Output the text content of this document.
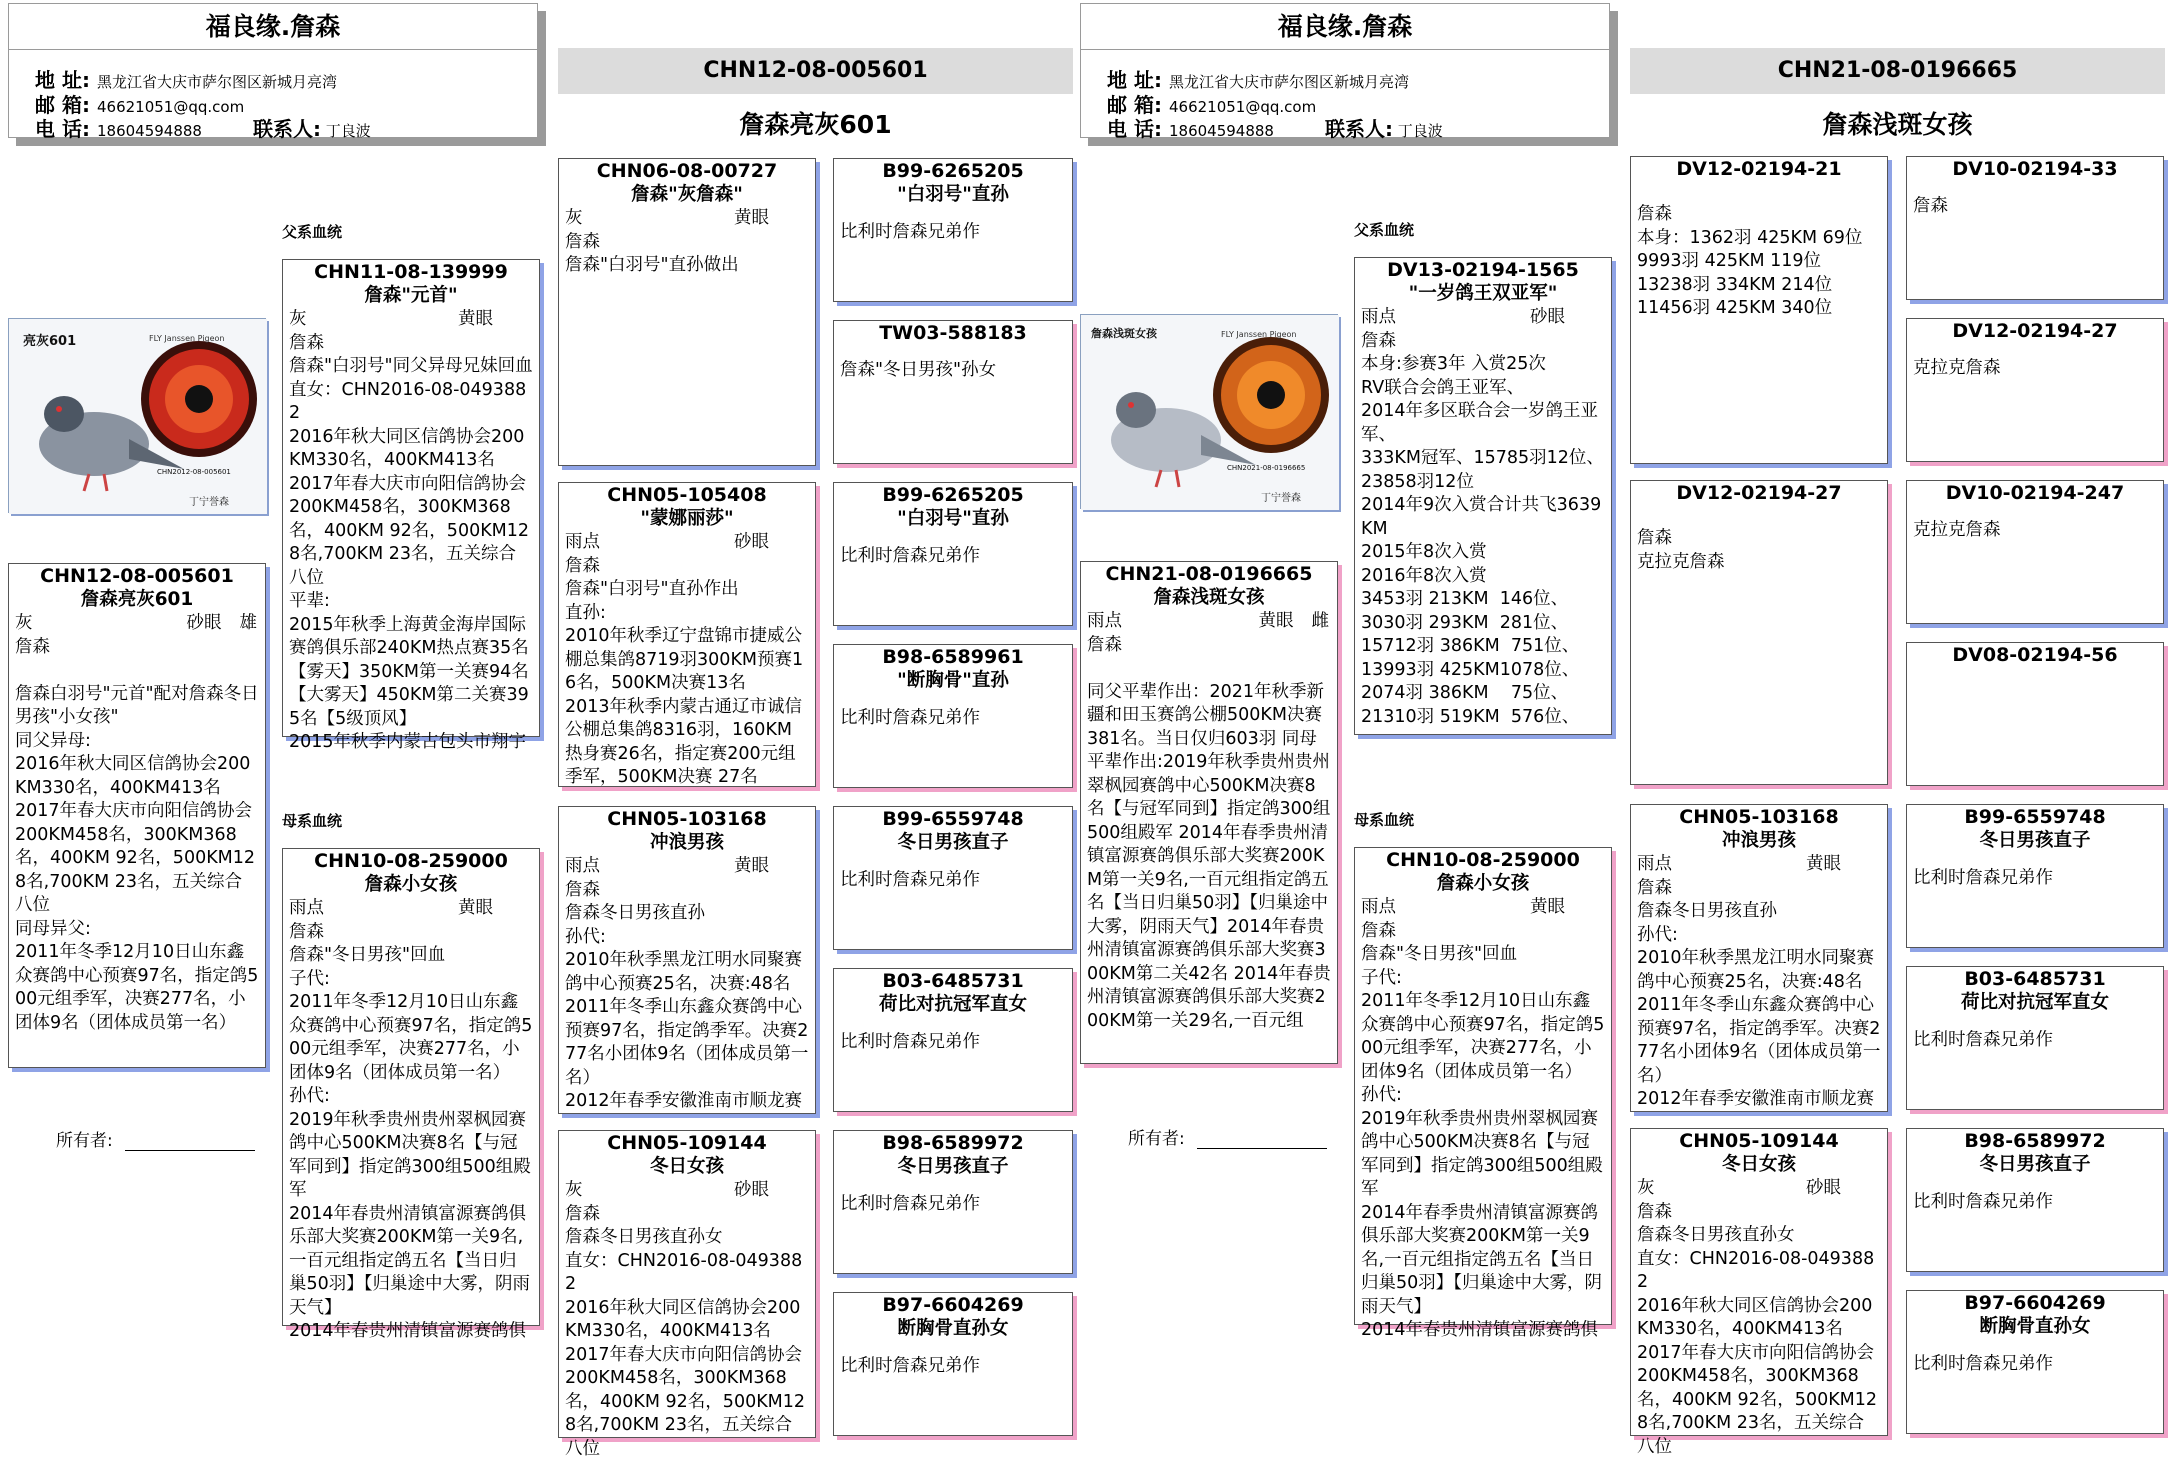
福良缘.詹森
地 址: 黑龙江省大庆市萨尔图区新城月亮湾
邮 箱: 46621051@qq.com
电 话: 18604594888	联系人: 丁良波
CHN12-08-005601
詹森亮灰601
父系血统
母系血统
亮灰601	FLY Janssen Pigeon
CHN2012-08-005601
丁宁誉森
CHN12-08-005601
詹森亮灰601
灰	砂眼 雄
詹森

詹森白羽号"元首"配对詹森冬日男孩"小女孩"
同父异母:
2016年秋大同区信鸽协会200KM330名，400KM413名
2017年春大庆市向阳信鸽协会200KM458名，300KM368名，400KM 92名，500KM128名,700KM 23名，五关综合八位
同母异父:
2011年冬季12月10日山东鑫众赛鸽中心预赛97名，指定鸽500元组季军，决赛277名，小团体9名（团体成员第一名）
所有者:
CHN11-08-139999
詹森"元首"
灰	黄眼
詹森
詹森"白羽号"同父异母兄妹回血
直女：CHN2016-08-0493882
2016年秋大同区信鸽协会200KM330名，400KM413名
2017年春大庆市向阳信鸽协会200KM458名，300KM368名，400KM 92名，500KM128名,700KM 23名，五关综合八位
平辈:
2015年秋季上海黄金海岸国际赛鸽俱乐部240KM热点赛35名【雾天】350KM第一关赛94名【大雾天】450KM第二关赛395名【5级顶风】
2015年秋季内蒙古包头市翔宇
CHN10-08-259000
詹森小女孩
雨点	黄眼
詹森
詹森"冬日男孩"回血
子代:
2011年冬季12月10日山东鑫众赛鸽中心预赛97名，指定鸽500元组季军，决赛277名，小团体9名（团体成员第一名）
孙代:
2019年秋季贵州贵州翠枫园赛鸽中心500KM决赛8名【与冠军同到】指定鸽300组500组殿军
2014年春贵州清镇富源赛鸽俱乐部大奖赛200KM第一关9名,一百元组指定鸽五名【当日归巢50羽】【归巢途中大雾，阴雨天气】
2014年春贵州清镇富源赛鸽俱
CHN06-08-00727
詹森"灰詹森"
灰	黄眼
詹森
詹森"白羽号"直孙做出
CHN05-105408
"蒙娜丽莎"
雨点	砂眼
詹森
詹森"白羽号"直孙作出
直孙:
2010年秋季辽宁盘锦市捷威公棚总集鸽8719羽300KM预赛16名，500KM决赛13名
2013年秋季内蒙古通辽市诚信公棚总集鸽8316羽，160KM热身赛26名，指定赛200元组 季军，500KM决赛 27名
CHN05-103168
冲浪男孩
雨点	黄眼
詹森
詹森冬日男孩直孙
孙代:
2010年秋季黑龙江明水同聚赛鸽中心预赛25名，决赛:48名
2011年冬季山东鑫众赛鸽中心预赛97名，指定鸽季军。决赛277名小团体9名（团体成员第一名）
2012年春季安徽淮南市顺龙赛
CHN05-109144
冬日女孩
灰	砂眼
詹森
詹森冬日男孩直孙女
直女：CHN2016-08-0493882
2016年秋大同区信鸽协会200KM330名，400KM413名
2017年春大庆市向阳信鸽协会200KM458名，300KM368名，400KM 92名，500KM128名,700KM 23名，五关综合八位
B99-6265205
"白羽号"直孙
比利时詹森兄弟作
TW03-588183
詹森"冬日男孩"孙女
B99-6265205
"白羽号"直孙
比利时詹森兄弟作
B98-6589961
"断胸骨"直孙
比利时詹森兄弟作
B99-6559748
冬日男孩直子
比利时詹森兄弟作
B03-6485731
荷比对抗冠军直女
比利时詹森兄弟作
B98-6589972
冬日男孩直子
比利时詹森兄弟作
B97-6604269
断胸骨直孙女
比利时詹森兄弟作
福良缘.詹森
地 址: 黑龙江省大庆市萨尔图区新城月亮湾
邮 箱: 46621051@qq.com
电 话: 18604594888	联系人: 丁良波
CHN21-08-0196665
詹森浅斑女孩
父系血统
母系血统
詹森浅斑女孩	FLY Janssen Pigeon
CHN2021-08-0196665
丁宁誉森
CHN21-08-0196665
詹森浅斑女孩
雨点	黄眼 雌
詹森

同父平辈作出：2021年秋季新疆和田玉赛鸽公棚500KM决赛381名。当日仅归603羽 同母平辈作出:2019年秋季贵州贵州翠枫园赛鸽中心500KM决赛8名【与冠军同到】指定鸽300组500组殿军 2014年春季贵州清镇富源赛鸽俱乐部大奖赛200KM第一关9名,一百元组指定鸽五名【当日归巢50羽】【归巢途中大雾，阴雨天气】2014年春贵州清镇富源赛鸽俱乐部大奖赛300KM第二关42名 2014年春贵州清镇富源赛鸽俱乐部大奖赛200KM第一关29名,一百元组
所有者:
DV13-02194-1565
"一岁鸽王双亚军"
雨点	砂眼
詹森
本身:参赛3年 入赏25次
RV联合会鸽王亚军、
2014年多区联合会一岁鸽王亚军、
333KM冠军、15785羽12位、23858羽12位
2014年9次入赏合计共飞3639KM
2015年8次入赏
2016年8次入赏
3453羽 213KM  146位、
3030羽 293KM  281位、
15712羽 386KM  751位、
13993羽 425KM1078位、
2074羽 386KM    75位、
21310羽 519KM  576位、
CHN10-08-259000
詹森小女孩
雨点	黄眼
詹森
詹森"冬日男孩"回血
子代:
2011年冬季12月10日山东鑫众赛鸽中心预赛97名，指定鸽500元组季军，决赛277名，小团体9名（团体成员第一名）
孙代:
2019年秋季贵州贵州翠枫园赛鸽中心500KM决赛8名【与冠军同到】指定鸽300组500组殿军
2014年春季贵州清镇富源赛鸽俱乐部大奖赛200KM第一关9名,一百元组指定鸽五名【当日归巢50羽】【归巢途中大雾，阴雨天气】
2014年春贵州清镇富源赛鸽俱
DV12-02194-21
詹森
本身：1362羽 425KM 69位
9993羽 425KM 119位
13238羽 334KM 214位
11456羽 425KM 340位
DV12-02194-27
詹森
克拉克詹森
CHN05-103168
冲浪男孩
雨点	黄眼
詹森
詹森冬日男孩直孙
孙代:
2010年秋季黑龙江明水同聚赛鸽中心预赛25名，决赛:48名
2011年冬季山东鑫众赛鸽中心预赛97名，指定鸽季军。决赛277名小团体9名（团体成员第一名）
2012年春季安徽淮南市顺龙赛
CHN05-109144
冬日女孩
灰	砂眼
詹森
詹森冬日男孩直孙女
直女：CHN2016-08-0493882
2016年秋大同区信鸽协会200KM330名，400KM413名
2017年春大庆市向阳信鸽协会200KM458名，300KM368名，400KM 92名，500KM128名,700KM 23名，五关综合八位
DV10-02194-33
詹森
DV12-02194-27
克拉克詹森
DV10-02194-247
克拉克詹森
DV08-02194-56
B99-6559748
冬日男孩直子
比利时詹森兄弟作
B03-6485731
荷比对抗冠军直女
比利时詹森兄弟作
B98-6589972
冬日男孩直子
比利时詹森兄弟作
B97-6604269
断胸骨直孙女
比利时詹森兄弟作
